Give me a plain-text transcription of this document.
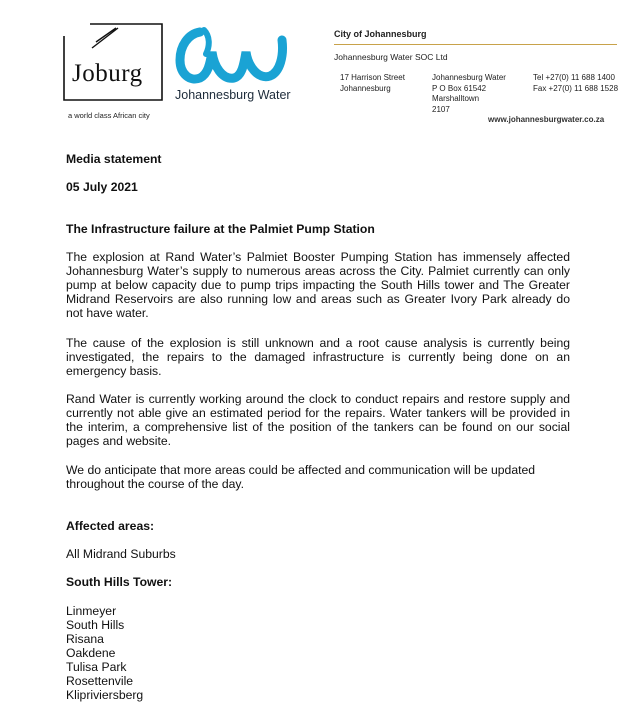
Joburg
a world class African city
Johannesburg Water
City of Johannesburg
Johannesburg Water SOC Ltd
17 Harrison Street
Johannesburg
Johannesburg Water
P O Box 61542
Marshalltown
2107
Tel +27(0) 11 688 1400
Fax +27(0) 11 688 1528
www.johannesburgwater.co.za
Media statement
05 July 2021
The Infrastructure failure at the Palmiet Pump Station
The explosion at Rand Water’s Palmiet Booster Pumping Station has immensely affected Johannesburg Water’s supply to numerous areas across the City. Palmiet currently can only pump at below capacity due to pump trips impacting the South Hills tower and The Greater Midrand Reservoirs are also running low and areas such as Greater Ivory Park already do not have water.
The cause of the explosion is still unknown and a root cause analysis is currently being investigated, the repairs to the damaged infrastructure is currently being done on an emergency basis.
Rand Water is currently working around the clock to conduct repairs and restore supply and currently not able give an estimated period for the repairs. Water tankers will be provided in the interim, a comprehensive list of the position of the tankers can be found on our social pages and website.
We do anticipate that more areas could be affected and communication will be updated throughout the course of the day.
Affected areas:
All Midrand Suburbs
South Hills Tower:
Linmeyer
South Hills
Risana
Oakdene
Tulisa Park
Rosettenvile
Klipriviersberg
